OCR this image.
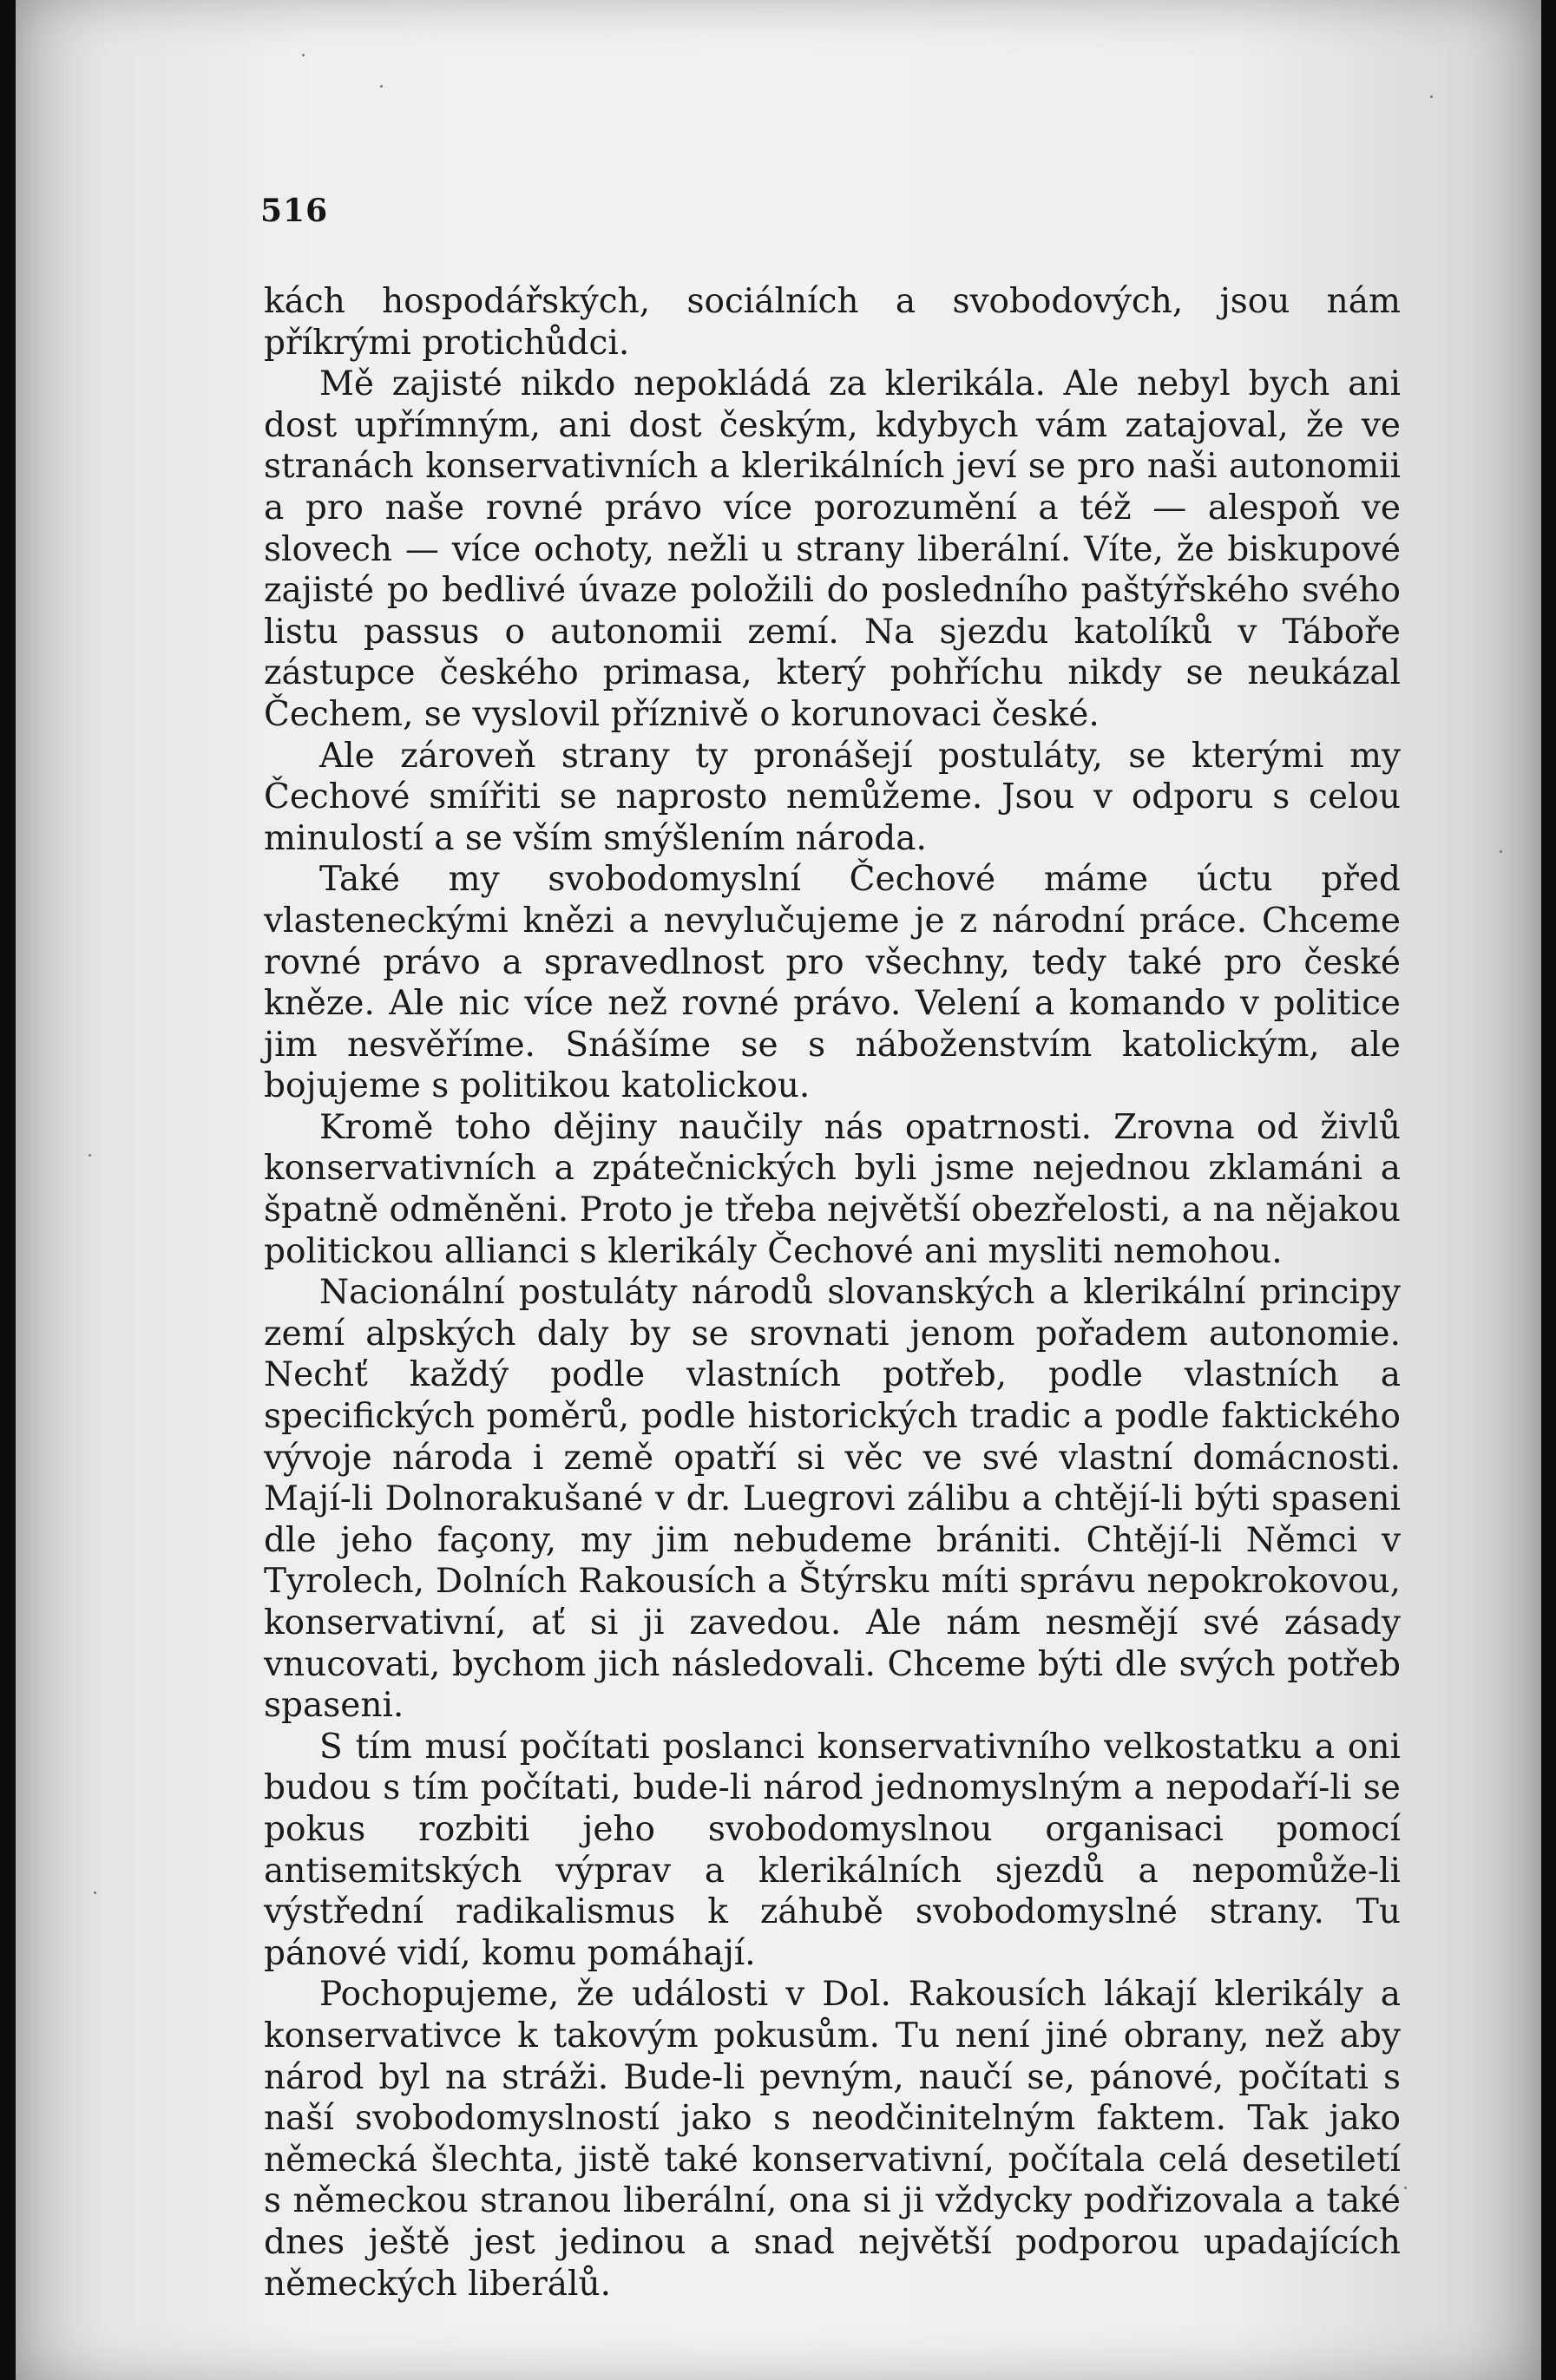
516

kách hospodářských, sociálních a svobodových, jsou nám příkrými protichůdci.

Mě zajisté nikdo nepokládá za klerikála. Ale nebyl bych ani dost upřímným, ani dost českým, kdybych vám zatajoval, že ve stranách konservativních a klerikálních jeví se pro naši autonomii a pro naše rovné právo více porozumění a též — alespoň ve slovech — více ochoty, nežli u strany liberální. Víte, že biskupové zajisté po bedlivé úvaze položili do posledního paštýřského svého listu passus o autonomii zemí. Na sjezdu katolíků v Táboře zástupce českého primasa, který pohříchu nikdy se neukázal Čechem, se vyslovil příznivě o korunovaci české.

Ale zároveň strany ty pronášejí postuláty, se kterými my Čechové smířiti se naprosto nemůžeme. Jsou v odporu s celou minulostí a se vším smýšlením národa.

Také my svobodomyslní Čechové máme úctu před vlasteneckými knězi a nevylučujeme je z národní práce. Chceme rovné právo a spravedlnost pro všechny, tedy také pro české kněze. Ale nic více než rovné právo. Velení a komando v politice jim nesvěříme. Snášíme se s náboženstvím katolickým, ale bojujeme s politikou katolickou.

Kromě toho dějiny naučily nás opatrnosti. Zrovna od živlů konservativních a zpátečnických byli jsme nejednou zklamáni a špatně odměněni. Proto je třeba největší obezřelosti, a na nějakou politickou allianci s klerikály Čechové ani mysliti nemohou.

Nacionální postuláty národů slovanských a klerikální principy zemí alpských daly by se srovnati jenom pořadem autonomie. Nechť každý podle vlastních potřeb, podle vlastních a specifických poměrů, podle historických tradic a podle faktického vývoje národa i země opatří si věc ve své vlastní domácnosti. Mají-li Dolnorakušané v dr. Luegrovi zálibu a chtějí-li býti spaseni dle jeho façony, my jim nebudeme brániti. Chtějí-li Němci v Tyrolech, Dolních Rakousích a Štýrsku míti správu nepokrokovou, konservativní, ať si ji zavedou. Ale nám nesmějí své zásady vnucovati, bychom jich následovali. Chceme býti dle svých potřeb spaseni.

S tím musí počítati poslanci konservativního velkostatku a oni budou s tím počítati, bude-li národ jednomyslným a nepodaří-li se pokus rozbiti jeho svobodomyslnou organisaci pomocí antisemitských výprav a klerikálních sjezdů a nepomůže-li výstřední radikalismus k záhubě svobodomyslné strany. Tu pánové vidí, komu pomáhají.

Pochopujeme, že události v Dol. Rakousích lákají klerikály a konservativce k takovým pokusům. Tu není jiné obrany, než aby národ byl na stráži. Bude-li pevným, naučí se, pánové, počítati s naší svobodomyslností jako s neodčinitelným faktem. Tak jako německá šlechta, jistě také konservativní, počítala celá desetiletí s německou stranou liberální, ona si ji vždycky podřizovala a také dnes ještě jest jedinou a snad největší podporou upadajících německých liberálů.
